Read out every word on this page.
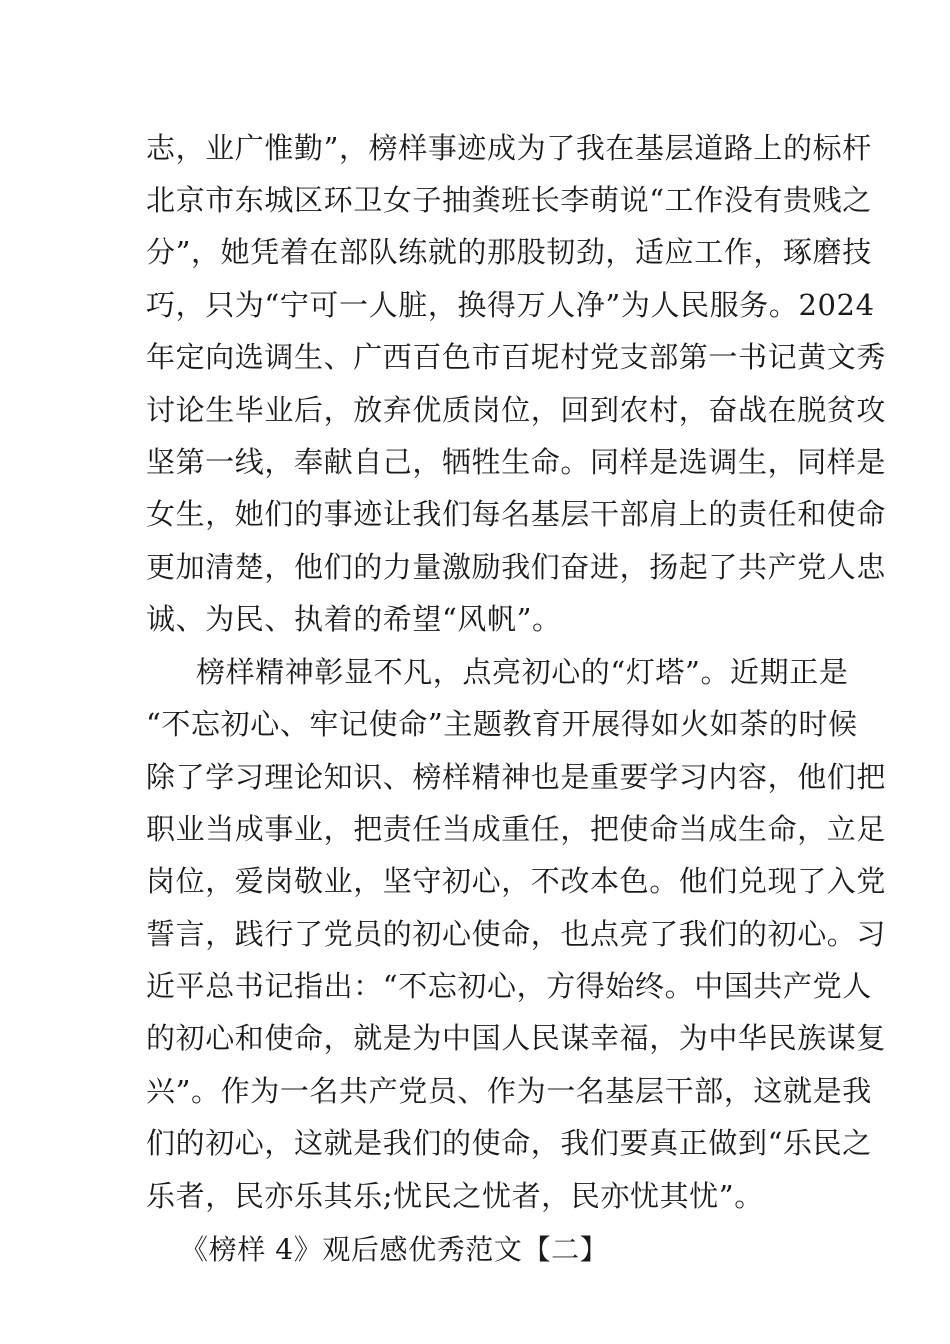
志，业广惟勤”，榜样事迹成为了我在基层道路上的标杆
北京市东城区环卫女子抽粪班长李萌说“工作没有贵贱之
分”，她凭着在部队练就的那股韧劲，适应工作，琢磨技
巧，只为“宁可一人脏，换得万人净”为人民服务。2024
年定向选调生、广西百色市百坭村党支部第一书记黄文秀
讨论生毕业后，放弃优质岗位，回到农村，奋战在脱贫攻
坚第一线，奉献自己，牺牲生命。同样是选调生，同样是
女生，她们的事迹让我们每名基层干部肩上的责任和使命
更加清楚，他们的力量激励我们奋进，扬起了共产党人忠
诚、为民、执着的希望“风帆”。
榜样精神彰显不凡，点亮初心的“灯塔”。近期正是
“不忘初心、牢记使命”主题教育开展得如火如荼的时候
除了学习理论知识、榜样精神也是重要学习内容，他们把
职业当成事业，把责任当成重任，把使命当成生命，立足
岗位，爱岗敬业，坚守初心，不改本色。他们兑现了入党
誓言，践行了党员的初心使命，也点亮了我们的初心。习
近平总书记指出：“不忘初心，方得始终。中国共产党人
的初心和使命，就是为中国人民谋幸福，为中华民族谋复
兴”。作为一名共产党员、作为一名基层干部，这就是我
们的初心，这就是我们的使命，我们要真正做到“乐民之
乐者，民亦乐其乐;忧民之忧者，民亦忧其忧”。
《榜样 4》观后感优秀范文【二】
